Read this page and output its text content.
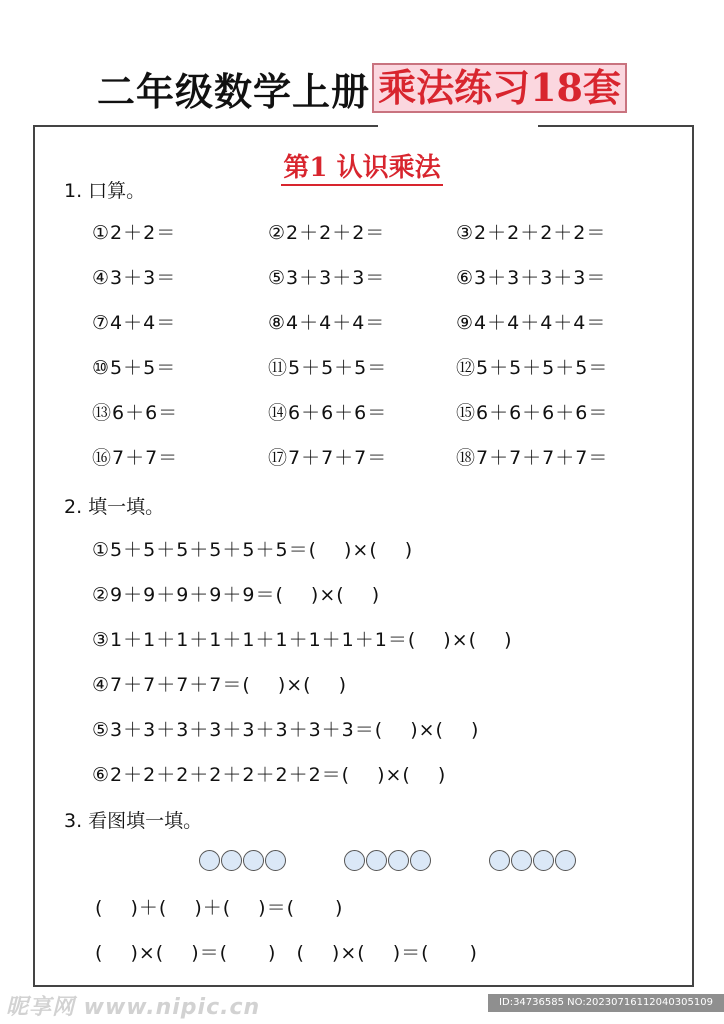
二年级数学上册 乘法练习18套
第1 认识乘法
1. 口算。
①2＋2＝	②2＋2＋2＝	③2＋2＋2＋2＝
④3＋3＝	⑤3＋3＋3＝	⑥3＋3＋3＋3＝
⑦4＋4＝	⑧4＋4＋4＝	⑨4＋4＋4＋4＝
⑩5＋5＝	⑪5＋5＋5＝	⑫5＋5＋5＋5＝
⑬6＋6＝	⑭6＋6＋6＝	⑮6＋6＋6＋6＝
⑯7＋7＝	⑰7＋7＋7＝	⑱7＋7＋7＋7＝
2. 填一填。
①5＋5＋5＋5＋5＋5＝(　 )×(　 )
②9＋9＋9＋9＋9＝(　 )×(　 )
③1＋1＋1＋1＋1＋1＋1＋1＋1＝(　 )×(　 )
④7＋7＋7＋7＝(　 )×(　 )
⑤3＋3＋3＋3＋3＋3＋3＋3＝(　 )×(　 )
⑥2＋2＋2＋2＋2＋2＋2＝(　 )×(　 )
3. 看图填一填。
(　 )＋(　 )＋(　 )＝(　　)
(　 )×(　 )＝(　　)　(　 )×(　 )＝(　　)
昵享网 www.nipic.cn	ID:34736585 NO:20230716112040305109
